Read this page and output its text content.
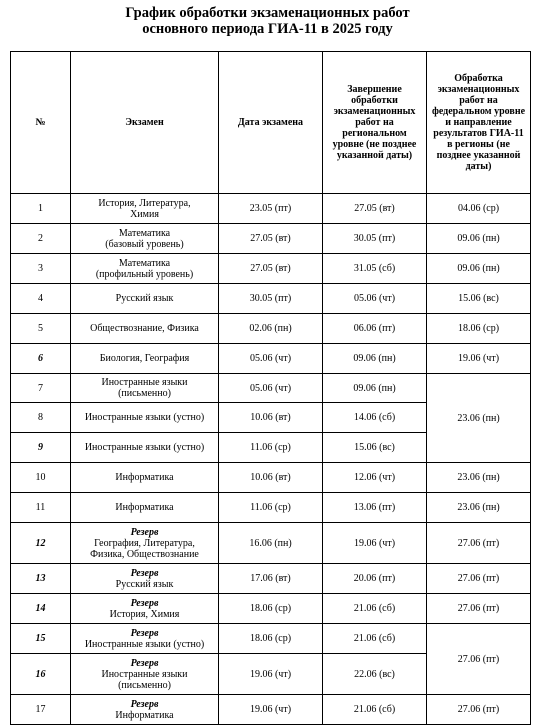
График обработки экзаменационных работ
основного периода ГИА-11 в 2025 году
№	Экзамен	Дата экзамена	Завершение обработки экзаменационных работ на региональном уровне (не позднее указанной даты)	Обработка экзаменационных работ на федеральном уровне и направление результатов ГИА-11 в регионы (не позднее указанной даты)
1	История, Литература,
Химия	23.05 (пт)	27.05 (вт)	04.06 (ср)
2	Математика
(базовый уровень)	27.05 (вт)	30.05 (пт)	09.06 (пн)
3	Математика
(профильный уровень)	27.05 (вт)	31.05 (сб)	09.06 (пн)
4	Русский язык	30.05 (пт)	05.06 (чт)	15.06 (вс)
5	Обществознание, Физика	02.06 (пн)	06.06 (пт)	18.06 (ср)
6	Биология, География	05.06 (чт)	09.06 (пн)	19.06 (чт)
7	Иностранные языки
(письменно)	05.06 (чт)	09.06 (пн)	23.06 (пн)
8	Иностранные языки (устно)	10.06 (вт)	14.06 (сб)	
9	Иностранные языки (устно)	11.06 (ср)	15.06 (вс)	
10	Информатика	10.06 (вт)	12.06 (чт)	23.06 (пн)
11	Информатика	11.06 (ср)	13.06 (пт)	23.06 (пн)
12	Резерв
География, Литература,
Физика, Обществознание	16.06 (пн)	19.06 (чт)	27.06 (пт)
13	Резерв
Русский язык	17.06 (вт)	20.06 (пт)	27.06 (пт)
14	Резерв
История, Химия	18.06 (ср)	21.06 (сб)	27.06 (пт)
15	Резерв
Иностранные языки (устно)	18.06 (ср)	21.06 (сб)	27.06 (пт)
16	Резерв
Иностранные языки
(письменно)	19.06 (чт)	22.06 (вс)	
17	Резерв
Информатика	19.06 (чт)	21.06 (сб)	27.06 (пт)
